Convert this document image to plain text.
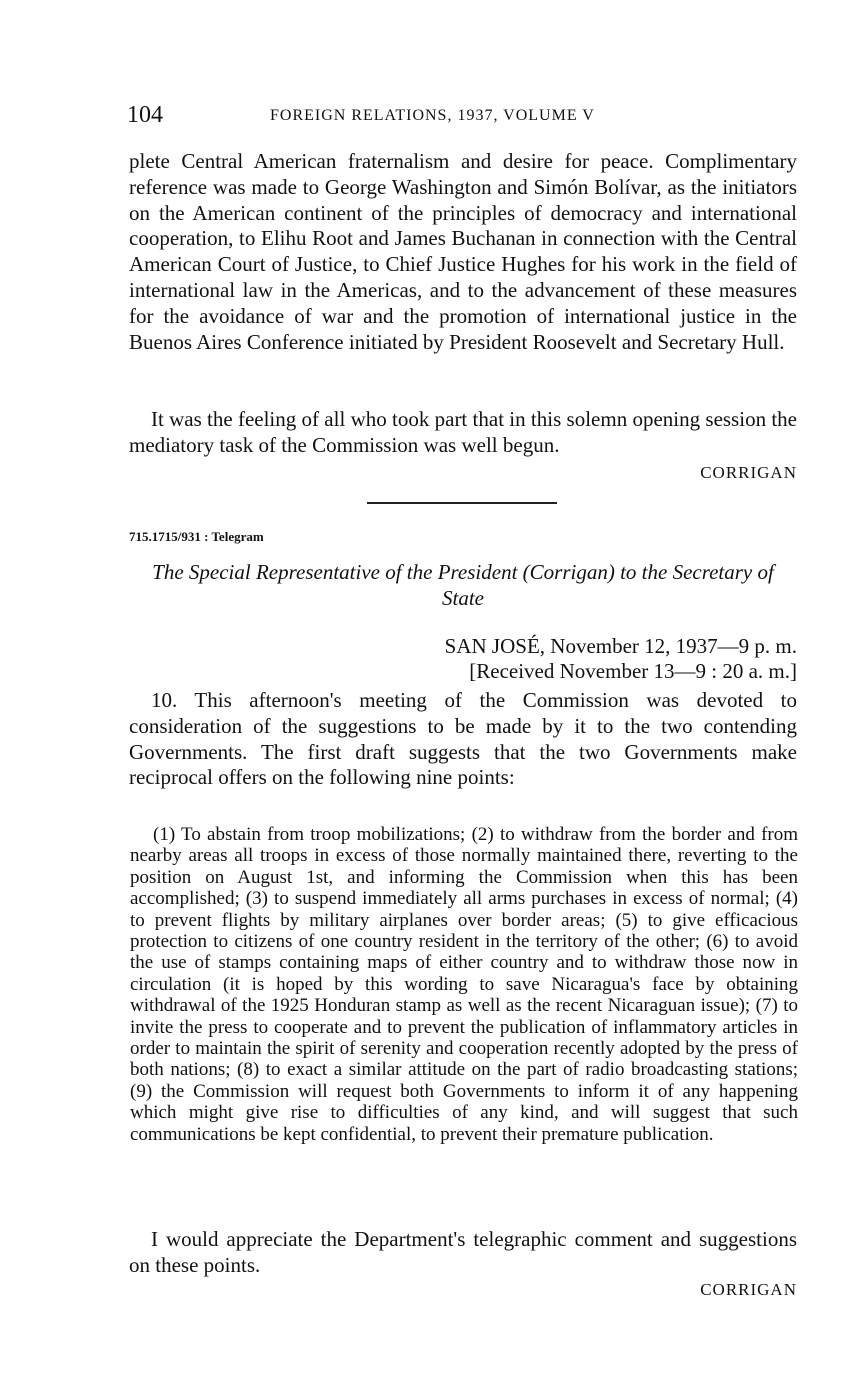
104	FOREIGN RELATIONS, 1937, VOLUME V

plete Central American fraternalism and desire for peace. Complimentary reference was made to George Washington and Simón Bolívar, as the initiators on the American continent of the principles of democracy and international cooperation, to Elihu Root and James Buchanan in connection with the Central American Court of Justice, to Chief Justice Hughes for his work in the field of international law in the Americas, and to the advancement of these measures for the avoidance of war and the promotion of international justice in the Buenos Aires Conference initiated by President Roosevelt and Secretary Hull.

It was the feeling of all who took part that in this solemn opening session the mediatory task of the Commission was well begun.

CORRIGAN
715.1715/931 : Telegram
The Special Representative of the President (Corrigan) to the Secretary of State
SAN JOSÉ, November 12, 1937—9 p. m.
[Received November 13—9 : 20 a. m.]

10. This afternoon's meeting of the Commission was devoted to consideration of the suggestions to be made by it to the two contending Governments. The first draft suggests that the two Governments make reciprocal offers on the following nine points:

(1) To abstain from troop mobilizations; (2) to withdraw from the border and from nearby areas all troops in excess of those normally maintained there, reverting to the position on August 1st, and informing the Commission when this has been accomplished; (3) to suspend immediately all arms purchases in excess of normal; (4) to prevent flights by military airplanes over border areas; (5) to give efficacious protection to citizens of one country resident in the territory of the other; (6) to avoid the use of stamps containing maps of either country and to withdraw those now in circulation (it is hoped by this wording to save Nicaragua's face by obtaining withdrawal of the 1925 Honduran stamp as well as the recent Nicaraguan issue); (7) to invite the press to cooperate and to prevent the publication of inflammatory articles in order to maintain the spirit of serenity and cooperation recently adopted by the press of both nations; (8) to exact a similar attitude on the part of radio broadcasting stations; (9) the Commission will request both Governments to inform it of any happening which might give rise to difficulties of any kind, and will suggest that such communications be kept confidential, to prevent their premature publication.

I would appreciate the Department's telegraphic comment and suggestions on these points.

CORRIGAN
